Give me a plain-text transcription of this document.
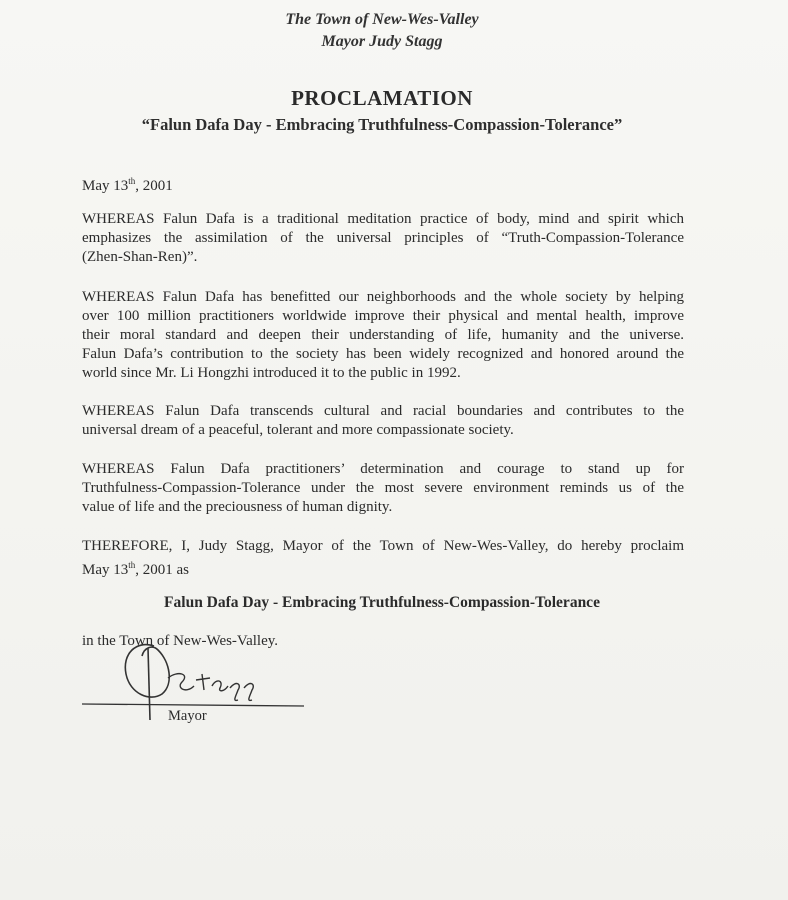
The Town of New-Wes-Valley
Mayor Judy Stagg
PROCLAMATION
“Falun Dafa Day - Embracing Truthfulness-Compassion-Tolerance”
May 13th, 2001
WHEREAS Falun Dafa is a traditional meditation practice of body, mind and spirit which
emphasizes the assimilation of the universal principles of “Truth-Compassion-Tolerance
(Zhen-Shan-Ren)”.
WHEREAS Falun Dafa has benefitted our neighborhoods and the whole society by helping
over 100 million practitioners worldwide improve their physical and mental health, improve
their moral standard and deepen their understanding of life, humanity and the universe.
Falun Dafa’s contribution to the society has been widely recognized and honored around the
world since Mr. Li Hongzhi introduced it to the public in 1992.
WHEREAS Falun Dafa transcends cultural and racial boundaries and contributes to the
universal dream of a peaceful, tolerant and more compassionate society.
WHEREAS Falun Dafa practitioners’ determination and courage to stand up for
Truthfulness-Compassion-Tolerance under the most severe environment reminds us of the
value of life and the preciousness of human dignity.
THEREFORE, I, Judy Stagg, Mayor of the Town of New-Wes-Valley, do hereby proclaim
May 13th, 2001 as
Falun Dafa Day - Embracing Truthfulness-Compassion-Tolerance
in the Town of New-Wes-Valley.
Mayor
